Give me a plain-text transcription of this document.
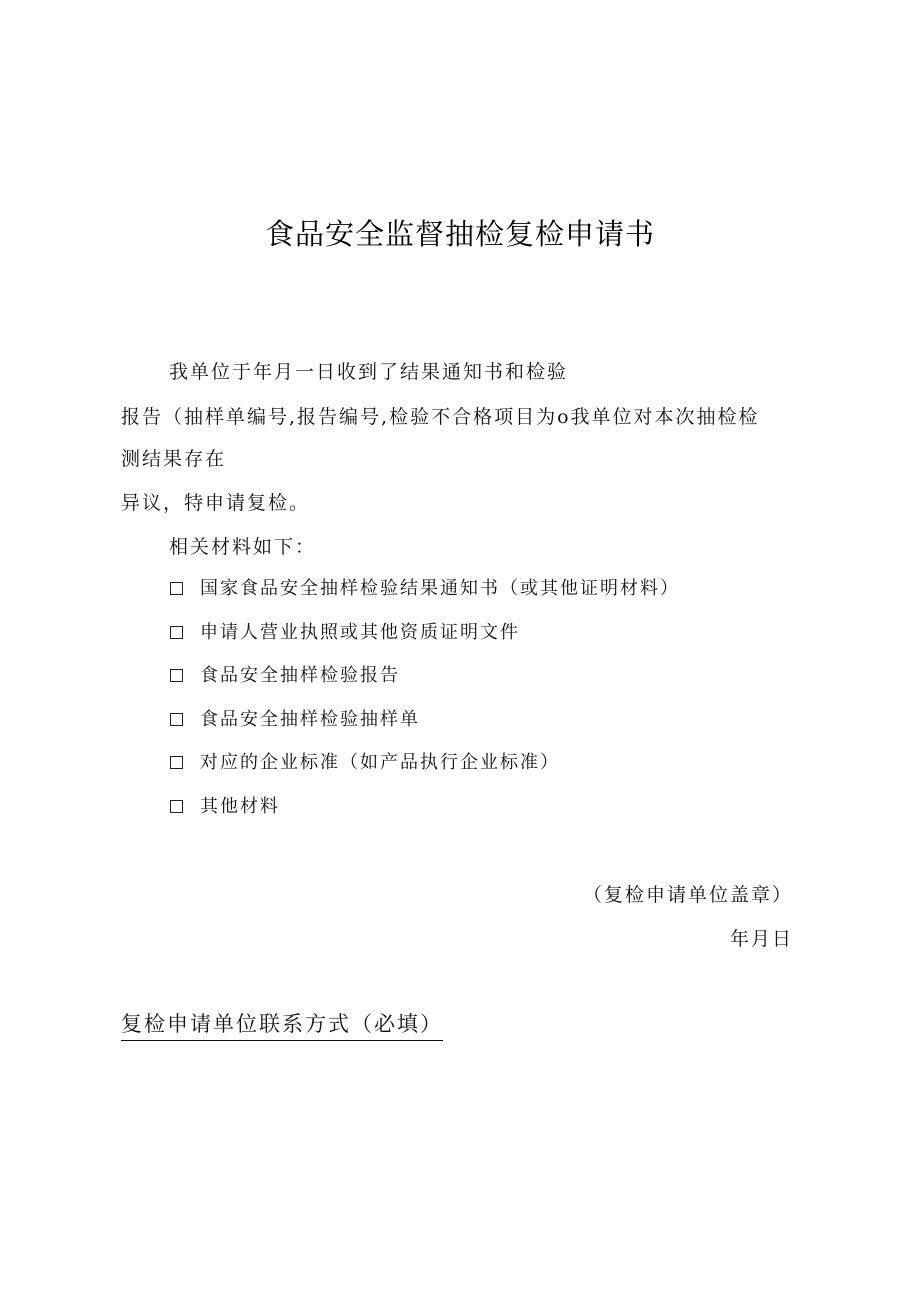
食品安全监督抽检复检申请书
我单位于年月一日收到了结果通知书和检验
报告（抽样单编号,报告编号,检验不合格项目为o我单位对本次抽检检
测结果存在
异议，特申请复检。
相关材料如下：
国家食品安全抽样检验结果通知书（或其他证明材料）
申请人营业执照或其他资质证明文件
食品安全抽样检验报告
食品安全抽样检验抽样单
对应的企业标准（如产品执行企业标准）
其他材料
（复检申请单位盖章）
年月日
复检申请单位联系方式（必填）
